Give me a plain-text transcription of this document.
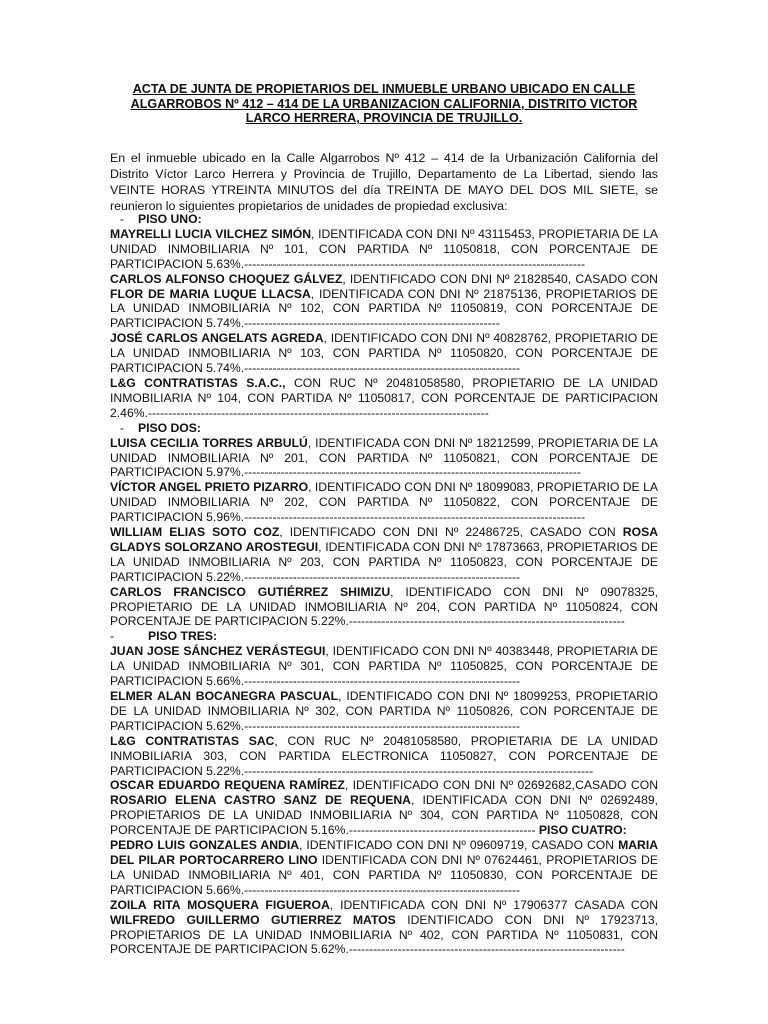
ACTA DE JUNTA DE PROPIETARIOS DEL INMUEBLE URBANO UBICADO EN CALLE
ALGARROBOS Nº 412 – 414 DE LA URBANIZACION CALIFORNIA, DISTRITO VICTOR
LARCO HERRERA, PROVINCIA DE TRUJILLO.
En el inmueble ubicado en la Calle Algarrobos Nº 412 – 414 de la Urbanización California del Distrito Víctor Larco Herrera y Provincia de Trujillo, Departamento de La Libertad, siendo las VEINTE HORAS YTREINTA MINUTOS del día TREINTA DE MAYO DEL DOS MIL SIETE, se reunieron lo siguientes propietarios de unidades de propiedad exclusiva:
- PISO UNO:

MAYRELLI LUCIA VILCHEZ SIMÓN, IDENTIFICADA CON DNI Nº 43115453, PROPIETARIA DE LA UNIDAD INMOBILIARIA Nº 101, CON PARTIDA Nº 11050818, CON PORCENTAJE DE PARTICIPACION 5.63%.------------------------------------------------------------------------------------

CARLOS ALFONSO CHOQUEZ GÁLVEZ, IDENTIFICADO CON DNI Nº 21828540, CASADO CON FLOR DE MARIA LUQUE LLACSA, IDENTIFICADA CON DNI Nº 21875136, PROPIETARIOS DE LA UNIDAD INMOBILIARIA Nº 102, CON PARTIDA Nº 11050819, CON PORCENTAJE DE PARTICIPACION 5.74%.---------------------------------------------------------------

JOSÉ CARLOS ANGELATS AGREDA, IDENTIFICADO CON DNI Nº 40828762, PROPIETARIO DE LA UNIDAD INMOBILIARIA Nº 103, CON PARTIDA Nº 11050820, CON PORCENTAJE DE PARTICIPACION 5.74%.--------------------------------------------------------------------

L&G CONTRATISTAS S.A.C., CON RUC Nº 20481058580, PROPIETARIO DE LA UNIDAD INMOBILIARIA Nº 104, CON PARTIDA Nº 11050817, CON PORCENTAJE DE PARTICIPACION 2.46%.------------------------------------------------------------------------------------

- PISO DOS:

LUISA CECILIA TORRES ARBULÚ, IDENTIFICADA CON DNI Nº 18212599, PROPIETARIA DE LA UNIDAD INMOBILIARIA Nº 201, CON PARTIDA Nº 11050821, CON PORCENTAJE DE PARTICIPACION 5.97%.-----------------------------------------------------------------------------------

VÍCTOR ANGEL PRIETO PIZARRO, IDENTIFICADO CON DNI Nº 18099083, PROPIETARIO DE LA UNIDAD INMOBILIARIA Nº 202, CON PARTIDA Nº 11050822, CON PORCENTAJE DE PARTICIPACION 5.96%.------------------------------------------------------------------------------------

WILLIAM ELIAS SOTO COZ, IDENTIFICADO CON DNI Nº 22486725, CASADO CON ROSA GLADYS SOLORZANO AROSTEGUI, IDENTIFICADA CON DNI Nº 17873663, PROPIETARIOS DE LA UNIDAD INMOBILIARIA Nº 203, CON PARTIDA Nº 11050823, CON PORCENTAJE DE PARTICIPACION 5.22%.--------------------------------------------------------------------

CARLOS FRANCISCO GUTIÉRREZ SHIMIZU, IDENTIFICADO CON DNI Nº 09078325, PROPIETARIO DE LA UNIDAD INMOBILIARIA Nº 204, CON PARTIDA Nº 11050824, CON PORCENTAJE DE PARTICIPACION 5.22%.--------------------------------------------------------------------

-	PISO TRES:

JUAN JOSE SÁNCHEZ VERÁSTEGUI, IDENTIFICADO CON DNI Nº 40383448, PROPIETARIA DE LA UNIDAD INMOBILIARIA Nº 301, CON PARTIDA Nº 11050825, CON PORCENTAJE DE PARTICIPACION 5.66%.--------------------------------------------------------------------

ELMER ALAN BOCANEGRA PASCUAL, IDENTIFICADO CON DNI Nº 18099253, PROPIETARIO DE LA UNIDAD INMOBILIARIA Nº 302, CON PARTIDA Nº 11050826, CON PORCENTAJE DE PARTICIPACION 5.62%.--------------------------------------------------------------------

L&G CONTRATISTAS SAC, CON RUC Nº 20481058580, PROPIETARIA DE LA UNIDAD INMOBILIARIA 303, CON PARTIDA ELECTRONICA 11050827, CON PORCENTAJE DE PARTICIPACION 5.22%.--------------------------------------------------------------------------------------

OSCAR EDUARDO REQUENA RAMÍREZ, IDENTIFICADO CON DNI Nº 02692682,CASADO CON ROSARIO ELENA CASTRO SANZ DE REQUENA, IDENTIFICADA CON DNI Nº 02692489, PROPIETARIOS DE LA UNIDAD INMOBILIARIA Nº 304, CON PARTIDA Nº 11050828, CON PORCENTAJE DE PARTICIPACION 5.16%.---------------------------------------------- PISO CUATRO:

PEDRO LUIS GONZALES ANDIA, IDENTIFICADO CON DNI Nº 09609719, CASADO CON MARIA DEL PILAR PORTOCARRERO LINO IDENTIFICADA CON DNI Nº 07624461, PROPIETARIOS DE LA UNIDAD INMOBILIARIA Nº 401, CON PARTIDA Nº 11050830, CON PORCENTAJE DE PARTICIPACION 5.66%.--------------------------------------------------------------------

ZOILA RITA MOSQUERA FIGUEROA, IDENTIFICADA CON DNI Nº 17906377 CASADA CON WILFREDO GUILLERMO GUTIERREZ MATOS IDENTIFICADO CON DNI Nº 17923713, PROPIETARIOS DE LA UNIDAD INMOBILIARIA Nº 402, CON PARTIDA Nº 11050831, CON PORCENTAJE DE PARTICIPACION 5.62%.--------------------------------------------------------------------
